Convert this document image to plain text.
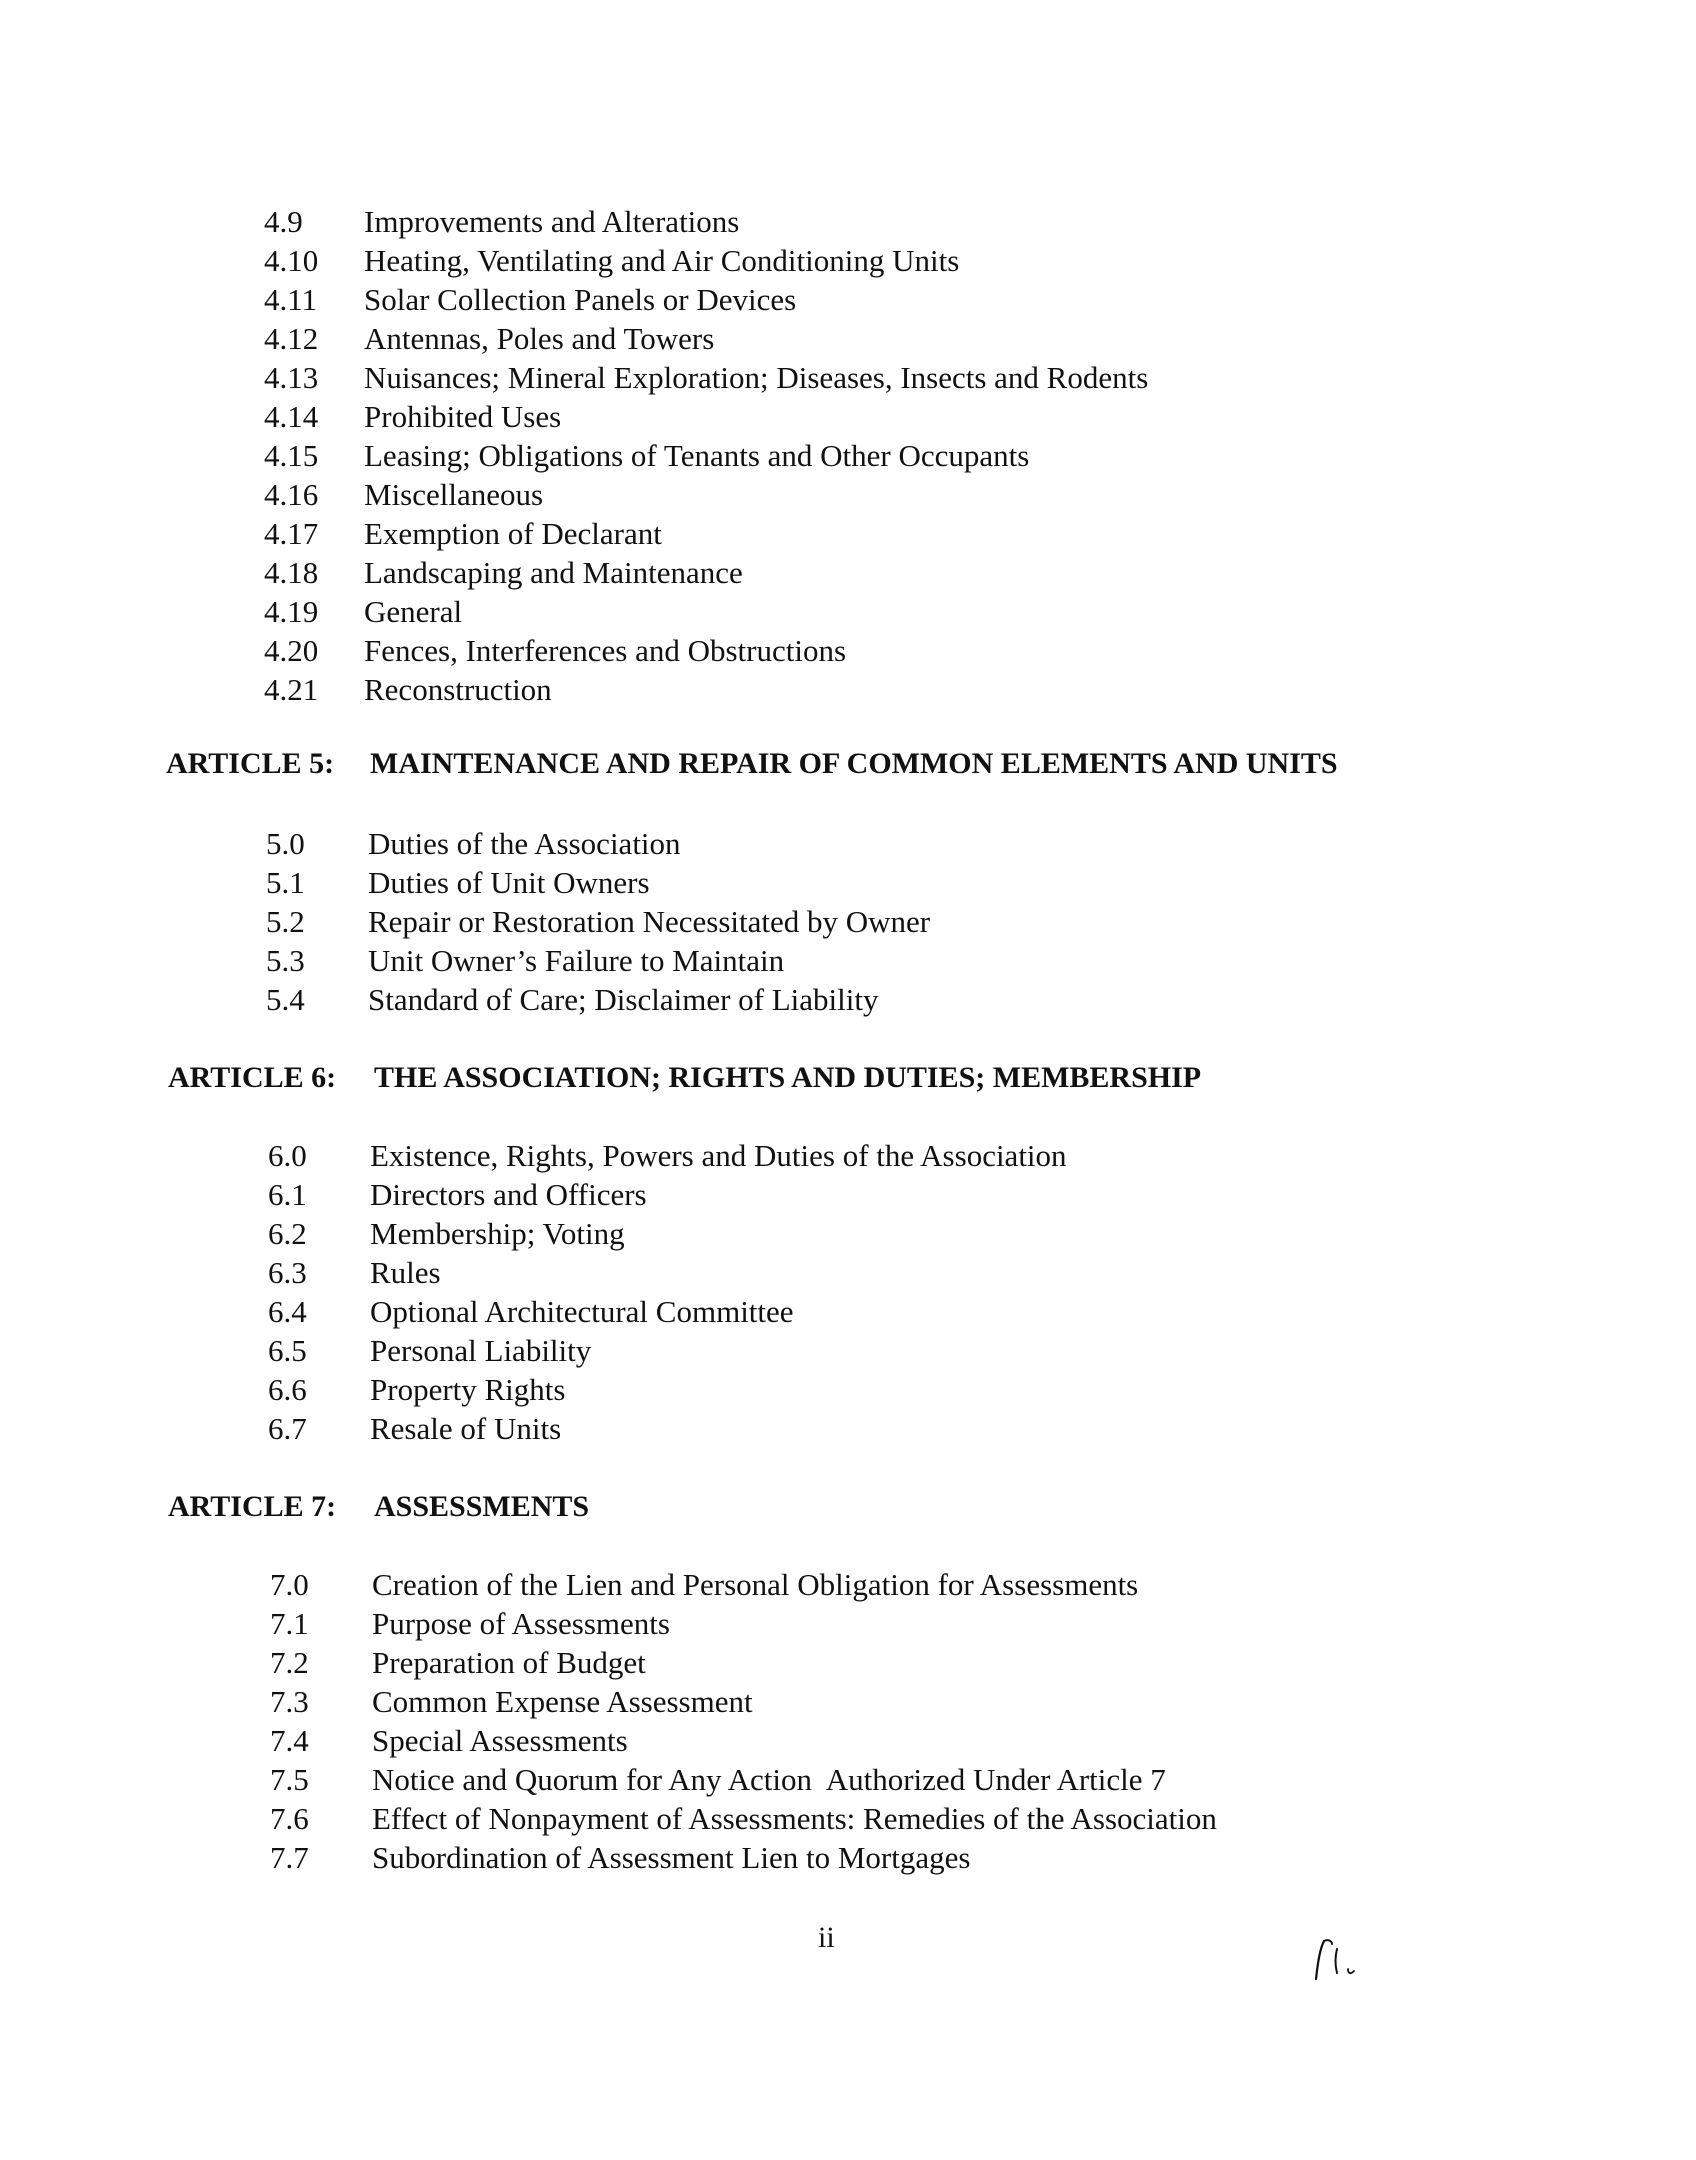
4.9 Improvements and Alterations
4.10 Heating, Ventilating and Air Conditioning Units
4.11 Solar Collection Panels or Devices
4.12 Antennas, Poles and Towers
4.13 Nuisances; Mineral Exploration; Diseases, Insects and Rodents
4.14 Prohibited Uses
4.15 Leasing; Obligations of Tenants and Other Occupants
4.16 Miscellaneous
4.17 Exemption of Declarant
4.18 Landscaping and Maintenance
4.19 General
4.20 Fences, Interferences and Obstructions
4.21 Reconstruction
ARTICLE 5: MAINTENANCE AND REPAIR OF COMMON ELEMENTS AND UNITS
5.0 Duties of the Association
5.1 Duties of Unit Owners
5.2 Repair or Restoration Necessitated by Owner
5.3 Unit Owner’s Failure to Maintain
5.4 Standard of Care; Disclaimer of Liability
ARTICLE 6: THE ASSOCIATION; RIGHTS AND DUTIES; MEMBERSHIP
6.0 Existence, Rights, Powers and Duties of the Association
6.1 Directors and Officers
6.2 Membership; Voting
6.3 Rules
6.4 Optional Architectural Committee
6.5 Personal Liability
6.6 Property Rights
6.7 Resale of Units
ARTICLE 7: ASSESSMENTS
7.0 Creation of the Lien and Personal Obligation for Assessments
7.1 Purpose of Assessments
7.2 Preparation of Budget
7.3 Common Expense Assessment
7.4 Special Assessments
7.5 Notice and Quorum for Any Action  Authorized Under Article 7
7.6 Effect of Nonpayment of Assessments: Remedies of the Association
7.7 Subordination of Assessment Lien to Mortgages
ii
